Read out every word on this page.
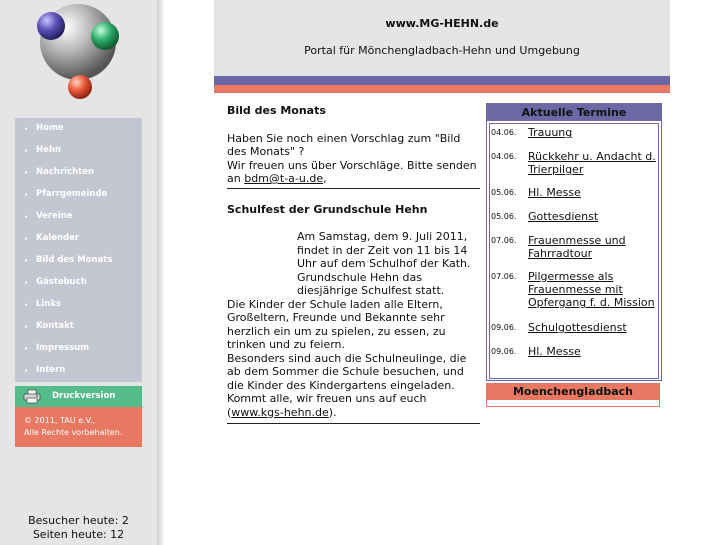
• Home
• Hehn
• Nachrichten
• Pfarrgemeinde
• Vereine
• Kalender
• Bild des Monats
• Gästebuch
• Links
• Kontakt
• Impressum
• Intern
Druckversion
© 2011, TAU e.V.,
Alle Rechte vorbehalten.
Besucher heute: 2
Seiten heute: 12
www.MG-HEHN.de
Portal für Mönchengladbach-Hehn und Umgebung
Bild des Monats
Haben Sie noch einen Vorschlag zum "Bild des Monats" ?
Wir freuen uns über Vorschläge. Bitte senden an bdm@t-a-u.de,
Schulfest der Grundschule Hehn
Am Samstag, dem 9. Juli 2011, findet in der Zeit von 11 bis 14 Uhr auf dem Schulhof der Kath. Grundschule Hehn das diesjährige Schulfest statt.
Die Kinder der Schule laden alle Eltern, Großeltern, Freunde und Bekannte sehr herzlich ein um zu spielen, zu essen, zu trinken und zu feiern.
Besonders sind auch die Schulneulinge, die ab dem Sommer die Schule besuchen, und die Kinder des Kindergartens eingeladen.
Kommt alle, wir freuen uns auf euch (www.kgs-hehn.de).
Aktuelle Termine
04.06. Trauung
04.06. Rückkehr u. Andacht d. Trierpilger
05.06. Hl. Messe
05.06. Gottesdienst
07.06. Frauenmesse und Fahrradtour
07.06. Pilgermesse als Frauenmesse mit Opfergang f. d. Mission
09.06. Schulgottesdienst
09.06. Hl. Messe
Moenchengladbach
